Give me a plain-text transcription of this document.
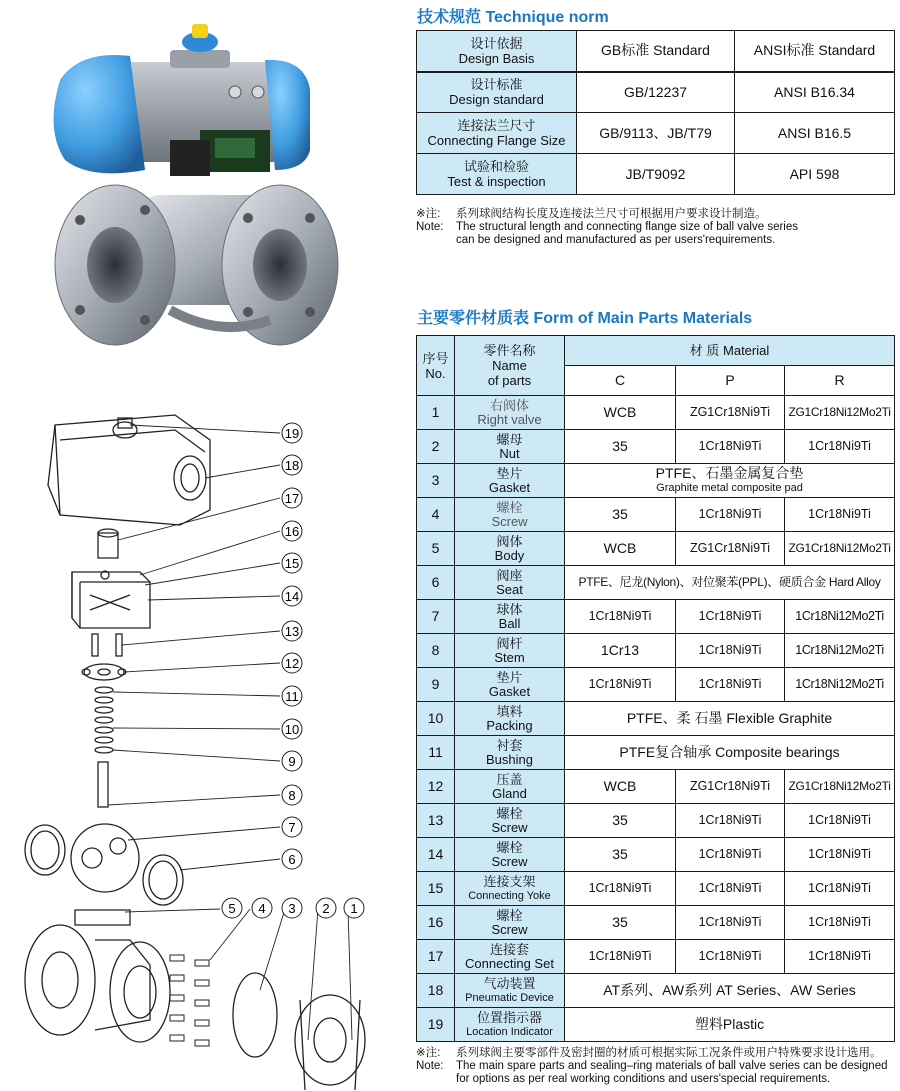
19
18
17
16
15
14
13
12
11
10
9
8
7
6
5 4 3 2 1
技术规范 Technique norm
设计依据
Design Basis	GB标准 Standard	ANSI标准 Standard

设计标准
Design standard	GB/12237	ANSI B16.34

连接法兰尺寸
Connecting Flange Size	GB/9113、JB/T79	ANSI B16.5

试验和检验
Test & inspection	JB/T9092	API 598
※注:	系列球阀结构长度及连接法兰尺寸可根据用户要求设计制造。
Note:	The structural length and connecting flange size of ball valve series
can be designed and manufactured as per users'requirements.
主要零件材质表 Form of Main Parts Materials
序号
No.	零件名称
Name
of parts	材 质 Material		
		C	P	R
1	右阀体
Right valve	WCB	ZG1Cr18Ni9Ti	ZG1Cr18Ni12Mo2Ti
2	螺母
Nut	35	1Cr18Ni9Ti	1Cr18Ni9Ti
3	垫片
Gasket	PTFE、石墨金属复合垫
Graphite metal composite pad		

4	螺栓
Screw	35	1Cr18Ni9Ti	1Cr18Ni9Ti
5	阀体
Body	WCB	ZG1Cr18Ni9Ti	ZG1Cr18Ni12Mo2Ti
6	阀座
Seat	PTFE、尼龙(Nylon)、对位聚苯(PPL)、硬质合金 Hard Alloy		
7	球体
Ball	1Cr18Ni9Ti	1Cr18Ni9Ti	1Cr18Ni12Mo2Ti
8	阀杆
Stem	1Cr13	1Cr18Ni9Ti	1Cr18Ni12Mo2Ti
9	垫片
Gasket	1Cr18Ni9Ti	1Cr18Ni9Ti	1Cr18Ni12Mo2Ti
10	填料
Packing	PTFE、柔 石墨 Flexible Graphite		
11	衬套
Bushing	PTFE复合轴承 Composite bearings		
12	压盖
Gland	WCB	ZG1Cr18Ni9Ti	ZG1Cr18Ni12Mo2Ti
13	螺栓
Screw	35	1Cr18Ni9Ti	1Cr18Ni9Ti
14	螺栓
Screw	35	1Cr18Ni9Ti	1Cr18Ni9Ti
15	连接支架
Connecting Yoke	1Cr18Ni9Ti	1Cr18Ni9Ti	1Cr18Ni9Ti
16	螺栓
Screw	35	1Cr18Ni9Ti	1Cr18Ni9Ti
17	连接套
Connecting Set	1Cr18Ni9Ti	1Cr18Ni9Ti	1Cr18Ni9Ti
18	气动装置
Pneumatic Device	AT系列、AW系列 AT Series、AW Series		
19	位置指示器
Location Indicator	塑料Plastic		
※注:	系列球阀主要零部件及密封圈的材质可根据实际工况条件或用户特殊要求设计选用。
Note:	The main spare parts and sealing–ring materials of ball valve series can be designed
for options as per real working conditions and users'special requirements.
